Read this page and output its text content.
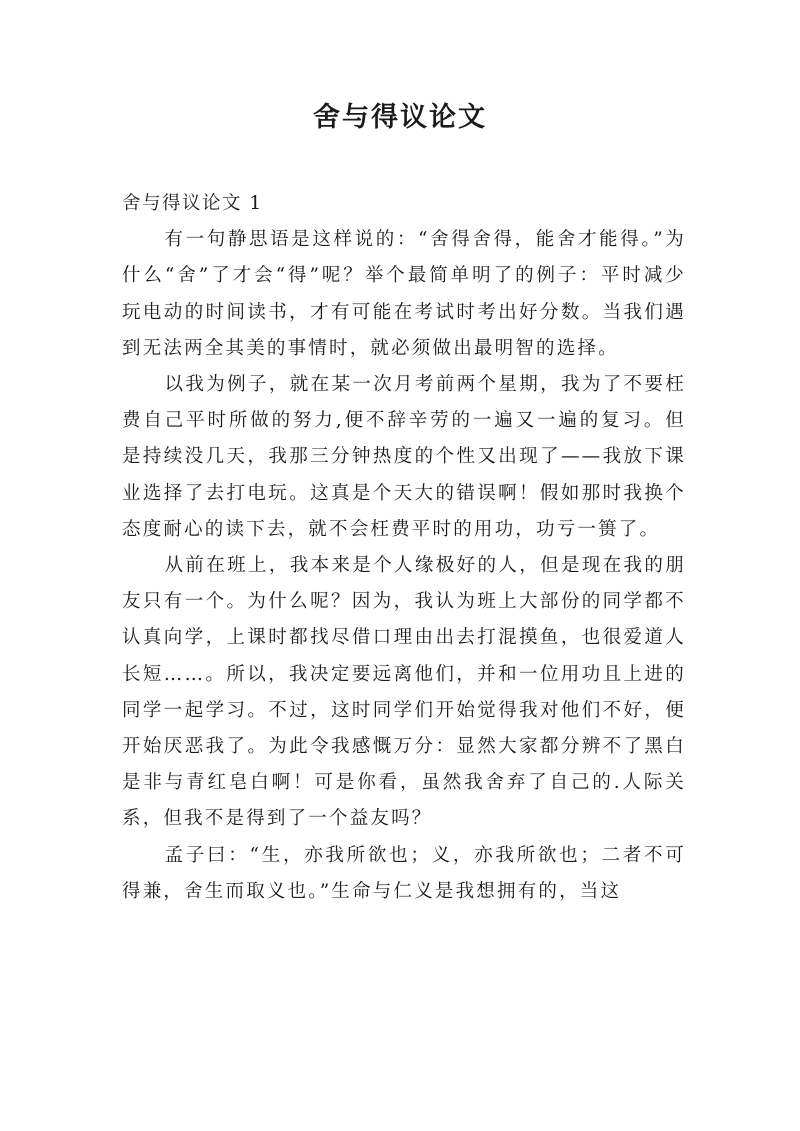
舍与得议论文

舍与得议论文 1

有一句静思语是这样说的：“舍得舍得，能舍才能得。”为什么“舍”了才会“得”呢？举个最简单明了的例子：平时减少玩电动的时间读书，才有可能在考试时考出好分数。当我们遇到无法两全其美的事情时，就必须做出最明智的选择。

以我为例子，就在某一次月考前两个星期，我为了不要枉费自己平时所做的努力,便不辞辛劳的一遍又一遍的复习。但是持续没几天，我那三分钟热度的个性又出现了——我放下课业选择了去打电玩。这真是个天大的错误啊！假如那时我换个态度耐心的读下去，就不会枉费平时的用功，功亏一篑了。

从前在班上，我本来是个人缘极好的人，但是现在我的朋友只有一个。为什么呢？因为，我认为班上大部份的同学都不认真向学，上课时都找尽借口理由出去打混摸鱼，也很爱道人长短……。所以，我决定要远离他们，并和一位用功且上进的同学一起学习。不过，这时同学们开始觉得我对他们不好，便开始厌恶我了。为此令我感慨万分：显然大家都分辨不了黑白是非与青红皂白啊！可是你看，虽然我舍弃了自己的.人际关系，但我不是得到了一个益友吗？

孟子曰：“生，亦我所欲也；义，亦我所欲也；二者不可得兼，舍生而取义也。”生命与仁义是我想拥有的，当这
